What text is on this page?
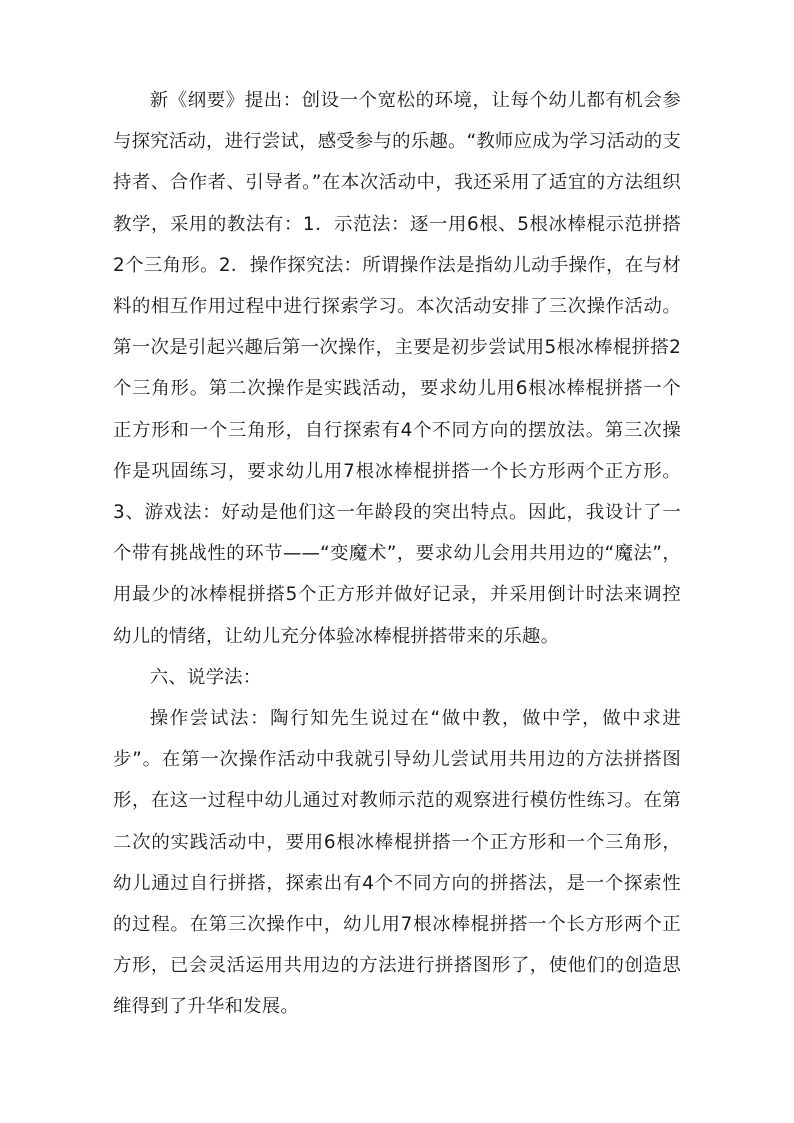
新《纲要》提出：创设一个宽松的环境，让每个幼儿都有机会参与探究活动，进行尝试，感受参与的乐趣。“教师应成为学习活动的支持者、合作者、引导者。”在本次活动中，我还采用了适宜的方法组织教学，采用的教法有：1．示范法：逐一用6根、5根冰棒棍示范拼搭2个三角形。2．操作探究法：所谓操作法是指幼儿动手操作，在与材料的相互作用过程中进行探索学习。本次活动安排了三次操作活动。第一次是引起兴趣后第一次操作，主要是初步尝试用5根冰棒棍拼搭2个三角形。第二次操作是实践活动，要求幼儿用6根冰棒棍拼搭一个正方形和一个三角形，自行探索有4个不同方向的摆放法。第三次操作是巩固练习，要求幼儿用7根冰棒棍拼搭一个长方形两个正方形。3、游戏法：好动是他们这一年龄段的突出特点。因此，我设计了一个带有挑战性的环节——“变魔术”，要求幼儿会用共用边的“魔法”，用最少的冰棒棍拼搭5个正方形并做好记录，并采用倒计时法来调控幼儿的情绪，让幼儿充分体验冰棒棍拼搭带来的乐趣。

六、说学法：

操作尝试法：陶行知先生说过在“做中教，做中学，做中求进步”。在第一次操作活动中我就引导幼儿尝试用共用边的方法拼搭图形，在这一过程中幼儿通过对教师示范的观察进行模仿性练习。在第二次的实践活动中，要用6根冰棒棍拼搭一个正方形和一个三角形，幼儿通过自行拼搭，探索出有4个不同方向的拼搭法，是一个探索性的过程。在第三次操作中，幼儿用7根冰棒棍拼搭一个长方形两个正方形，已会灵活运用共用边的方法进行拼搭图形了，使他们的创造思维得到了升华和发展。
